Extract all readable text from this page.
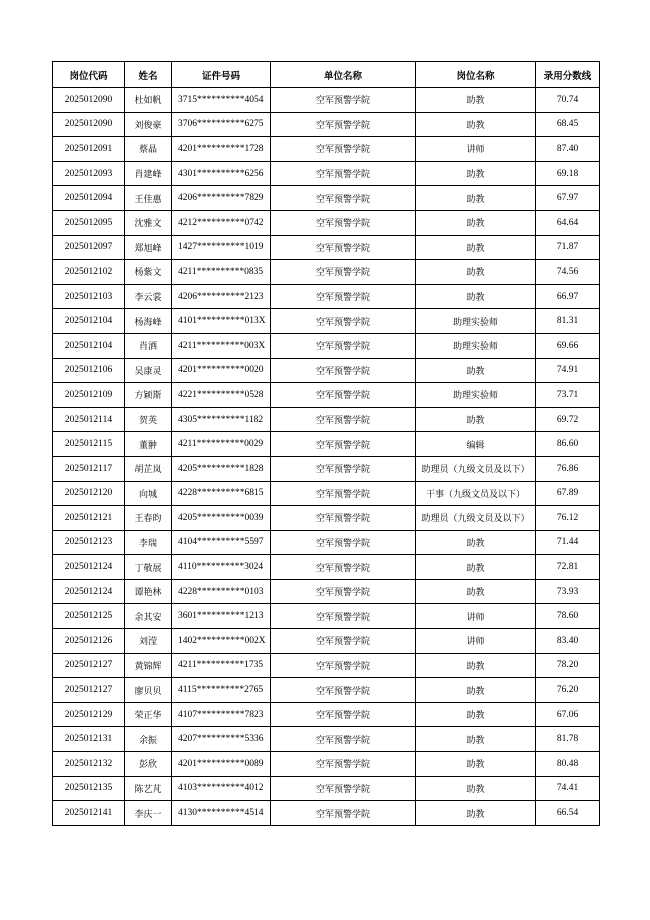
岗位代码	姓名	证件号码	单位名称	岗位名称	录用分数线
2025012090	杜如帆	3715**********4054	空军预警学院	助教	70.74
2025012090	刘俊豪	3706**********6275	空军预警学院	助教	68.45
2025012091	蔡晶	4201**********1728	空军预警学院	讲师	87.40
2025012093	肖建峰	4301**********6256	空军预警学院	助教	69.18
2025012094	王佳惠	4206**********7829	空军预警学院	助教	67.97
2025012095	沈雅文	4212**********0742	空军预警学院	助教	64.64
2025012097	郑旭峰	1427**********1019	空军预警学院	助教	71.87
2025012102	杨紫文	4211**********0835	空军预警学院	助教	74.56
2025012103	李云裳	4206**********2123	空军预警学院	助教	66.97
2025012104	杨海峰	4101**********013X	空军预警学院	助理实验师	81.31
2025012104	肖洒	4211**********003X	空军预警学院	助理实验师	69.66
2025012106	吴康灵	4201**********0020	空军预警学院	助教	74.91
2025012109	方颖斯	4221**********0528	空军预警学院	助理实验师	73.71
2025012114	贺英	4305**********1182	空军预警学院	助教	69.72
2025012115	董翀	4211**********0029	空军预警学院	编辑	86.60
2025012117	胡芷岚	4205**********1828	空军预警学院	助理员（九级文员及以下）	76.86
2025012120	向城	4228**********6815	空军预警学院	干事（九级文员及以下）	67.89
2025012121	王春昀	4205**********0039	空军预警学院	助理员（九级文员及以下）	76.12
2025012123	李瑞	4104**********5597	空军预警学院	助教	71.44
2025012124	丁敬展	4110**********3024	空军预警学院	助教	72.81
2025012124	谭艳林	4228**********0103	空军预警学院	助教	73.93
2025012125	余其安	3601**********1213	空军预警学院	讲师	78.60
2025012126	刘滢	1402**********002X	空军预警学院	讲师	83.40
2025012127	黄锦辉	4211**********1735	空军预警学院	助教	78.20
2025012127	廖贝贝	4115**********2765	空军预警学院	助教	76.20
2025012129	荣正华	4107**********7823	空军预警学院	助教	67.06
2025012131	余振	4207**********5336	空军预警学院	助教	81.78
2025012132	彭欣	4201**********0089	空军预警学院	助教	80.48
2025012135	陈艺芃	4103**********4012	空军预警学院	助教	74.41
2025012141	李庆一	4130**********4514	空军预警学院	助教	66.54
